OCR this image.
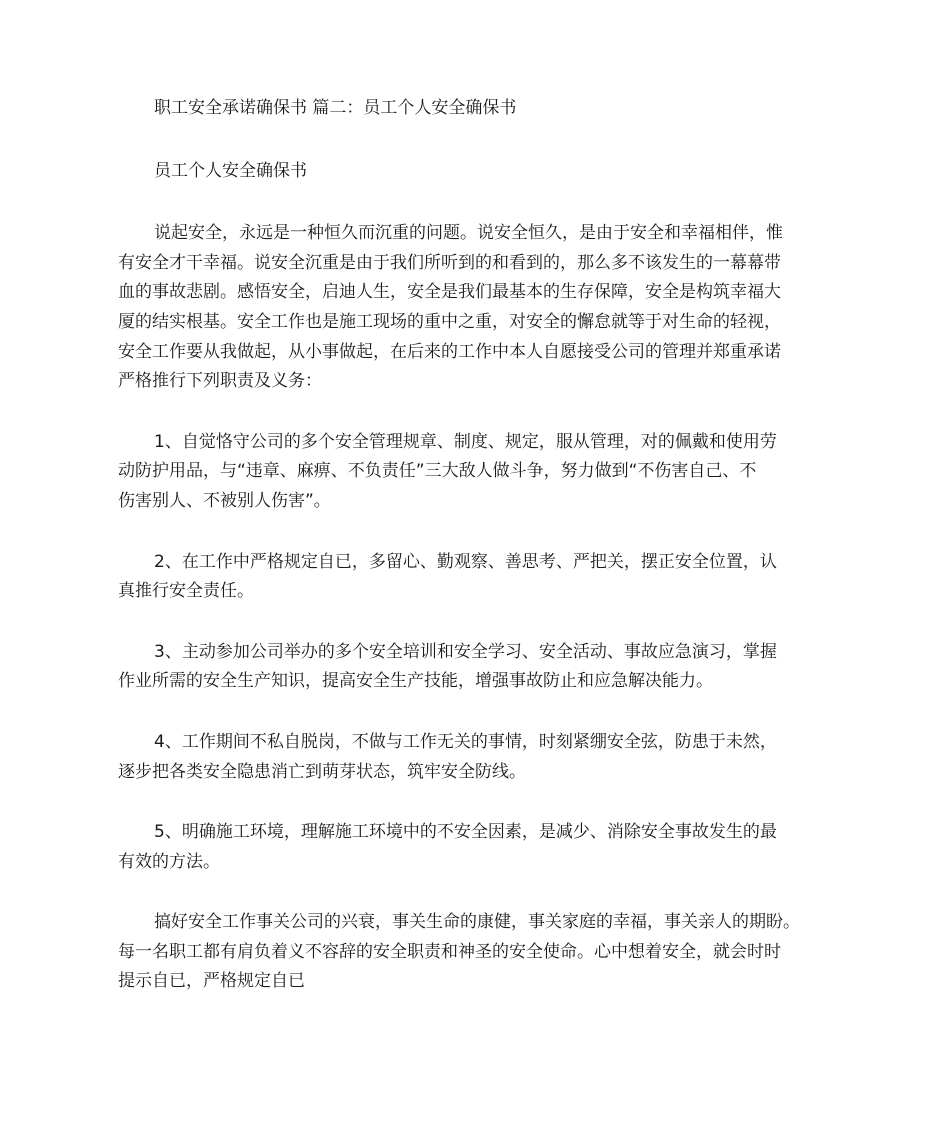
职工安全承诺确保书 篇二：员工个人安全确保书

员工个人安全确保书

说起安全，永远是一种恒久而沉重的问题。说安全恒久，是由于安全和幸福相伴，惟

有安全才干幸福。说安全沉重是由于我们所听到的和看到的，那么多不该发生的一幕幕带

血的事故悲剧。感悟安全，启迪人生，安全是我们最基本的生存保障，安全是构筑幸福大

厦的结实根基。安全工作也是施工现场的重中之重，对安全的懈怠就等于对生命的轻视，

安全工作要从我做起，从小事做起，在后来的工作中本人自愿接受公司的管理并郑重承诺

严格推行下列职责及义务：

1、自觉恪守公司的多个安全管理规章、制度、规定，服从管理，对的佩戴和使用劳

动防护用品，与“违章、麻痹、不负责任”三大敌人做斗争，努力做到“不伤害自己、不

伤害别人、不被别人伤害”。

2、在工作中严格规定自已，多留心、勤观察、善思考、严把关，摆正安全位置，认

真推行安全责任。

3、主动参加公司举办的多个安全培训和安全学习、安全活动、事故应急演习，掌握

作业所需的安全生产知识，提高安全生产技能，增强事故防止和应急解决能力。

4、工作期间不私自脱岗，不做与工作无关的事情，时刻紧绷安全弦，防患于未然，

逐步把各类安全隐患消亡到萌芽状态，筑牢安全防线。

5、明确施工环境，理解施工环境中的不安全因素，是减少、消除安全事故发生的最

有效的方法。

搞好安全工作事关公司的兴衰，事关生命的康健，事关家庭的幸福，事关亲人的期盼。

每一名职工都有肩负着义不容辞的安全职责和神圣的安全使命。心中想着安全，就会时时

提示自已，严格规定自已
